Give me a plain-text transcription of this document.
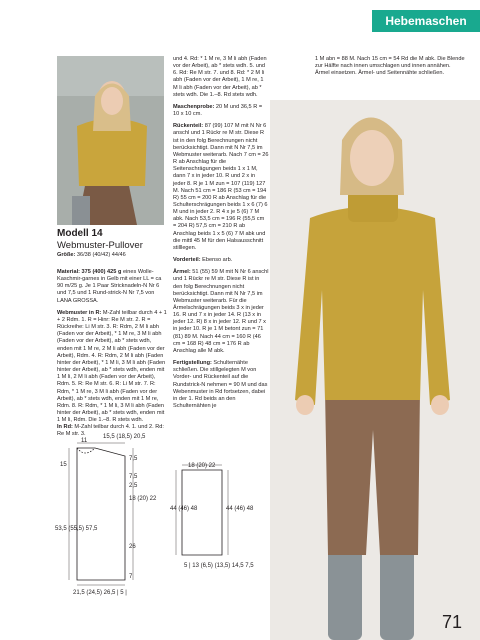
Hebemaschen
Modell 14
Webmuster-Pullover
Größe: 36/38 (40/42) 44/46

Material: 375 (400) 425 g eines Wolle-Kaschmir-garnes in Gelb mit einer LL = ca 90 m/25 g. Je 1 Paar Stricknadeln-N Nr 6 und 7,5 und 1 Rund-strick-N Nr 7,5 von LANA GROSSA.

Webmuster in R: M-Zahl teilbar durch 4 + 1 + 2 Rdm. 1. R = Hinr: Re M str. 2. R = Rückreihe: Li M str. 3. R: Rdm, 2 M li abh (Faden vor der Arbeit), * 1 M re, 3 M li abh (Faden vor der Arbeit), ab * stets wdh, enden mit 1 M re, 2 M li abh (Faden vor der Arbeit), Rdm. 4. R: Rdm, 2 M li abh (Faden hinter der Arbeit), * 1 M li, 3 M li abh (Faden hinter der Arbeit), ab * stets wdh, enden mit 1 M li, 2 M li abh (Faden vor der Arbeit), Rdm. 5. R: Re M str. 6. R: Li M str. 7. R: Rdm, * 1 M re, 3 M li abh (Faden vor der Arbeit), ab * stets wdh, enden mit 1 M re, Rdm. 8. R: Rdm, * 1 M li, 3 M li abh (Faden hinter der Arbeit), ab * stets wdh, enden mit 1 M li, Rdm. Die 1.–8. R stets wdh.

In Rd: M-Zahl teilbar durch 4. 1. und 2. Rd: Re M str. 3.

und 4. Rd: * 1 M re, 3 M li abh (Faden vor der Arbeit), ab * stets wdh. 5. und 6. Rd: Re M str. 7. und 8. Rd: * 2 M li abh (Faden vor der Arbeit), 1 M re, 1 M li abh (Faden vor der Arbeit), ab * stets wdh. Die 1.–8. Rd stets wdh.

Maschenprobe: 20 M und 36,5 R = 10 x 10 cm.

Rückenteil: 87 (99) 107 M mit N Nr 6 anschl und 1 Rückr re M str. Diese R ist in den folg Berechnungen nicht berücksichtigt. Dann mit N Nr 7,5 im Webmuster weiterarb. Nach 7 cm = 26 R ab Anschlag für die Seitenschrägungen beids 1 x 1 M, dann 7 x in jeder 10. R und 2 x in jeder 8. R je 1 M zun = 107 (119) 127 M. Nach 51 cm = 186 R (53 cm = 194 R) 55 cm = 200 R ab Anschlag für die Schulterschrägungen beids 1 x 6 (7) 6 M und in jeder 2. R 4 x je 5 (6) 7 M abk. Nach 53,5 cm = 196 R (55,5 cm = 204 R) 57,5 cm = 210 R ab Anschlag beids 1 x 5 (6) 7 M abk und die mittl 45 M für den Halsausschnitt stilllegen.

Vorderteil: Ebenso arb.

Ärmel: 51 (55) 59 M mit N Nr 6 anschl und 1 Rückr re M str. Diese R ist in den folg Berechnungen nicht berücksichtigt. Dann mit N Nr 7,5 im Webmuster weiterarb. Für die Ärmelschrägungen beids 3 x in jeder 16. R und 7 x in jeder 14. R (13 x in jeder 12. R) 8 x in jeder 12. R und 7 x in jeder 10. R je 1 M betont zun = 71 (81) 89 M. Nach 44 cm = 160 R (46 cm = 168 R) 48 cm = 176 R ab Anschlag alle M abk.

Fertigstellung: Schulternähte schließen. Die stillgelegten M von Vorder- und Rückenteil auf die Rundstrick-N nehmen = 90 M und das Webenmuster in Rd fortsetzen, dabei in der 1. Rd beids an den Schulternähten je

1 M abn = 88 M. Nach 15 cm = 54 Rd die M abk. Die Blende zur Hälfte nach innen umschlagen und innen annähen. Ärmel einsetzen. Ärmel- und Seitennähte schließen.

15,5 (18,5) 20,5
11
15
7,5
7,5
2,5
18 (20) 22
26
7
53,5 (55,5) 57,5
21,5 (24,5) 26,5 | 5 |
18 (20) 22
44 (46) 48	44 (46) 48
5 | 13 (6,5) (13,5) 14,5 7,5
71
